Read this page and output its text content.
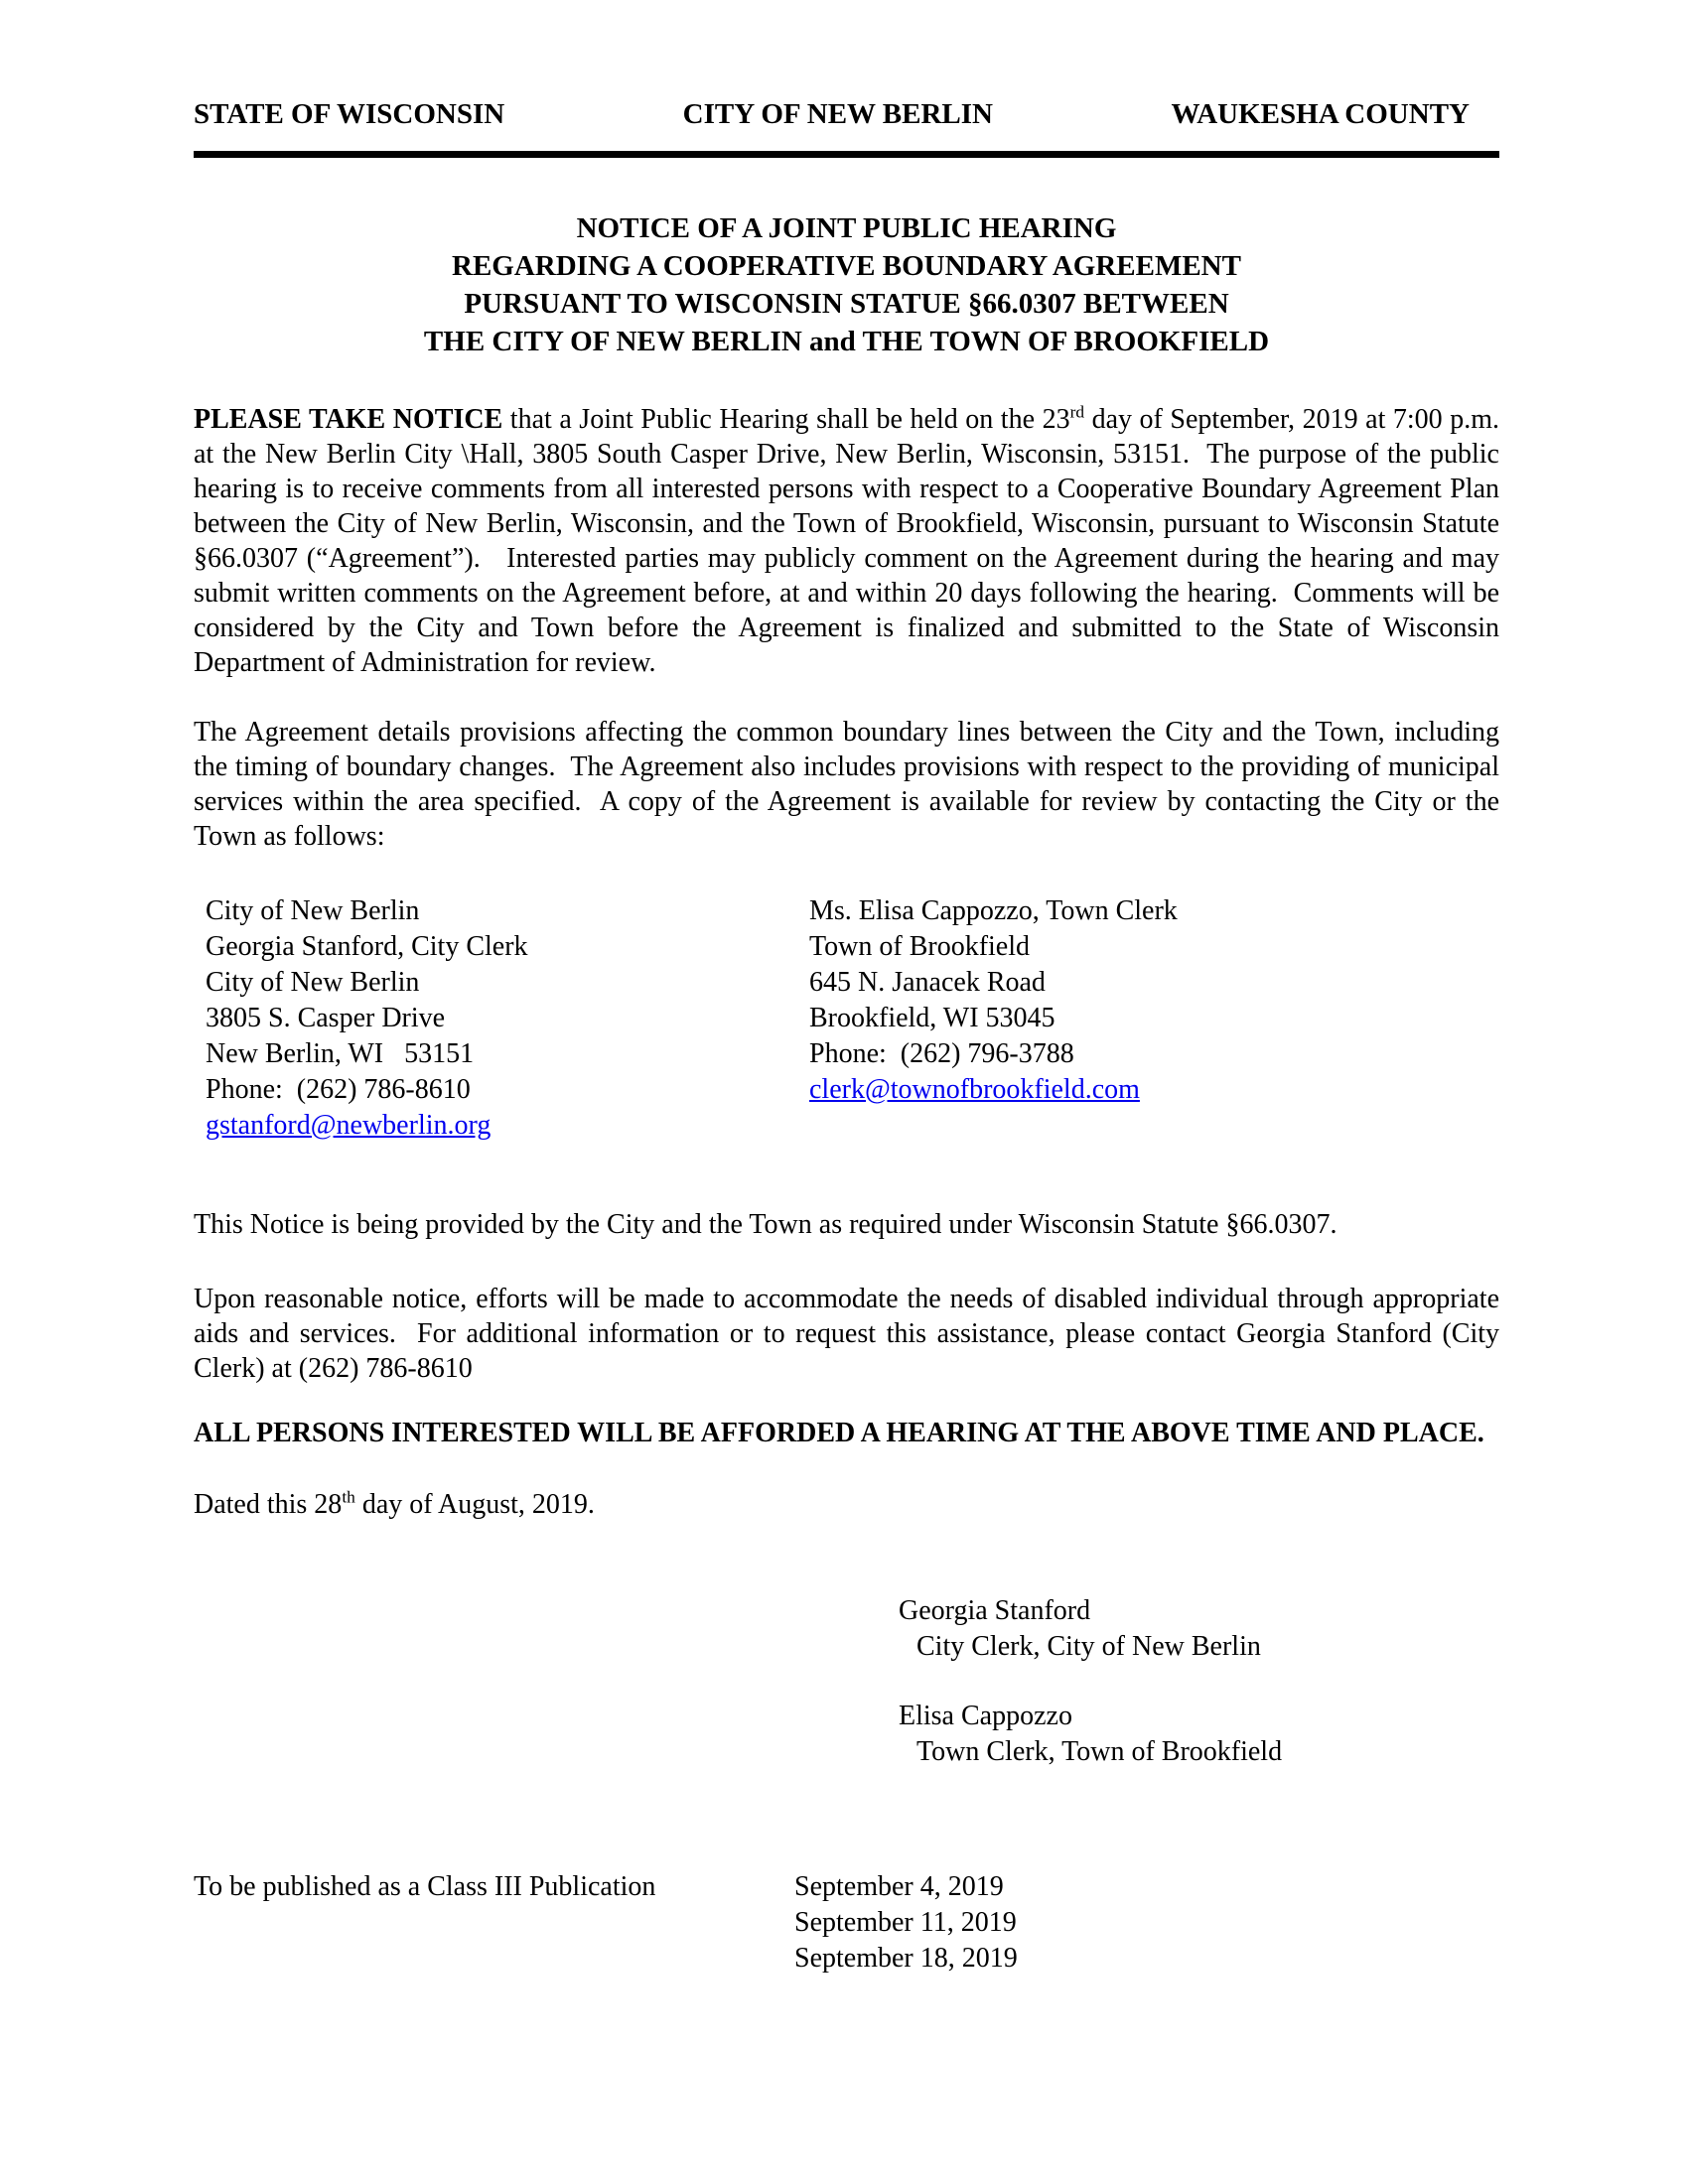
STATE OF WISCONSIN	CITY OF NEW BERLIN	WAUKESHA COUNTY
NOTICE OF A JOINT PUBLIC HEARING
REGARDING A COOPERATIVE BOUNDARY AGREEMENT
PURSUANT TO WISCONSIN STATUE §66.0307 BETWEEN
THE CITY OF NEW BERLIN and THE TOWN OF BROOKFIELD

PLEASE TAKE NOTICE that a Joint Public Hearing shall be held on the 23rd day of September, 2019 at 7:00 p.m. at the New Berlin City \Hall, 3805 South Casper Drive, New Berlin, Wisconsin, 53151.  The purpose of the public hearing is to receive comments from all interested persons with respect to a Cooperative Boundary Agreement Plan between the City of New Berlin, Wisconsin, and the Town of Brookfield, Wisconsin, pursuant to Wisconsin Statute §66.0307 (“Agreement”).   Interested parties may publicly comment on the Agreement during the hearing and may submit written comments on the Agreement before, at and within 20 days following the hearing.  Comments will be considered by the City and Town before the Agreement is finalized and submitted to the State of Wisconsin Department of Administration for review.

The Agreement details provisions affecting the common boundary lines between the City and the Town, including the timing of boundary changes.  The Agreement also includes provisions with respect to the providing of municipal services within the area specified.  A copy of the Agreement is available for review by contacting the City or the Town as follows:

City of New Berlin
Georgia Stanford, City Clerk
City of New Berlin
3805 S. Casper Drive
New Berlin, WI   53151
Phone:  (262) 786-8610
gstanford@newberlin.org
Ms. Elisa Cappozzo, Town Clerk
Town of Brookfield
645 N. Janacek Road
Brookfield, WI 53045
Phone:  (262) 796-3788
clerk@townofbrookfield.com

This Notice is being provided by the City and the Town as required under Wisconsin Statute §66.0307.

Upon reasonable notice, efforts will be made to accommodate the needs of disabled individual through appropriate aids and services.  For additional information or to request this assistance, please contact Georgia Stanford (City Clerk) at (262) 786-8610

ALL PERSONS INTERESTED WILL BE AFFORDED A HEARING AT THE ABOVE TIME AND PLACE.

Dated this 28th day of August, 2019.

Georgia Stanford
City Clerk, City of New Berlin
Elisa Cappozzo
Town Clerk, Town of Brookfield
To be published as a Class III Publication	September 4, 2019
September 11, 2019
September 18, 2019
